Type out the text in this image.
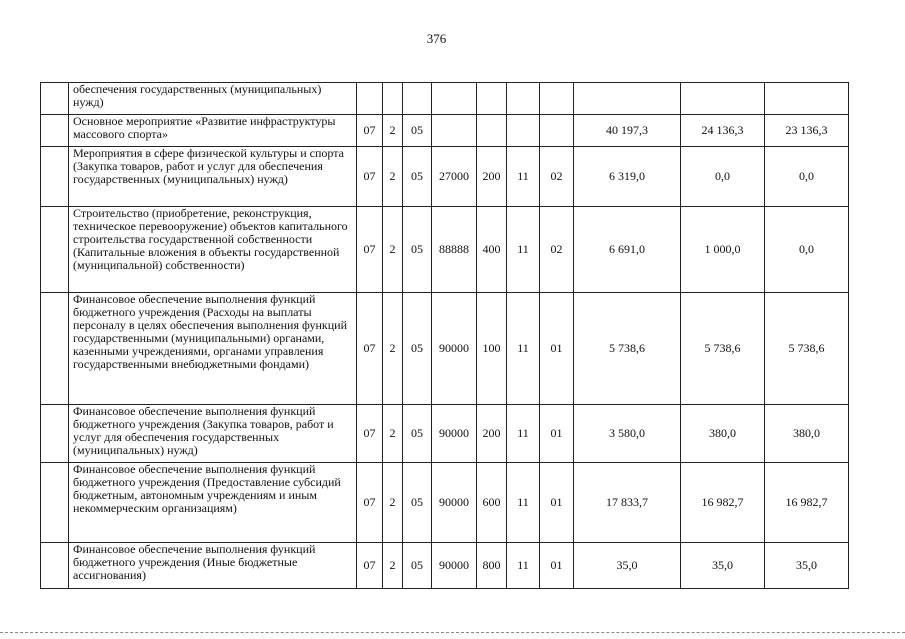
376
	обеспечения государственных (муниципальных) нужд)										
	Основное мероприятие «Развитие инфраструктуры массового спорта»	07	2	05					40 197,3	24 136,3	23 136,3
	Мероприятия в сфере физической культуры и спорта (Закупка товаров, работ и услуг для обеспечения государственных (муниципальных) нужд)	07	2	05	27000	200	11	02	6 319,0	0,0	0,0
	Строительство (приобретение, реконструкция, техническое перевооружение) объектов капитального строительства государственной собственности (Капитальные вложения в объекты государственной (муниципальной) собственности)	07	2	05	88888	400	11	02	6 691,0	1 000,0	0,0
	Финансовое обеспечение выполнения функций бюджетного учреждения (Расходы на выплаты персоналу в целях обеспечения выполнения функций государственными (муниципальными) органами, казенными учреждениями, органами управления государственными внебюджетными фондами)	07	2	05	90000	100	11	01	5 738,6	5 738,6	5 738,6
	Финансовое обеспечение выполнения функций бюджетного учреждения (Закупка товаров, работ и услуг для обеспечения государственных (муниципальных) нужд)	07	2	05	90000	200	11	01	3 580,0	380,0	380,0
	Финансовое обеспечение выполнения функций бюджетного учреждения (Предоставление субсидий бюджетным, автономным учреждениям и иным некоммерческим организациям)	07	2	05	90000	600	11	01	17 833,7	16 982,7	16 982,7
	Финансовое обеспечение выполнения функций бюджетного учреждения (Иные бюджетные ассигнования)	07	2	05	90000	800	11	01	35,0	35,0	35,0
